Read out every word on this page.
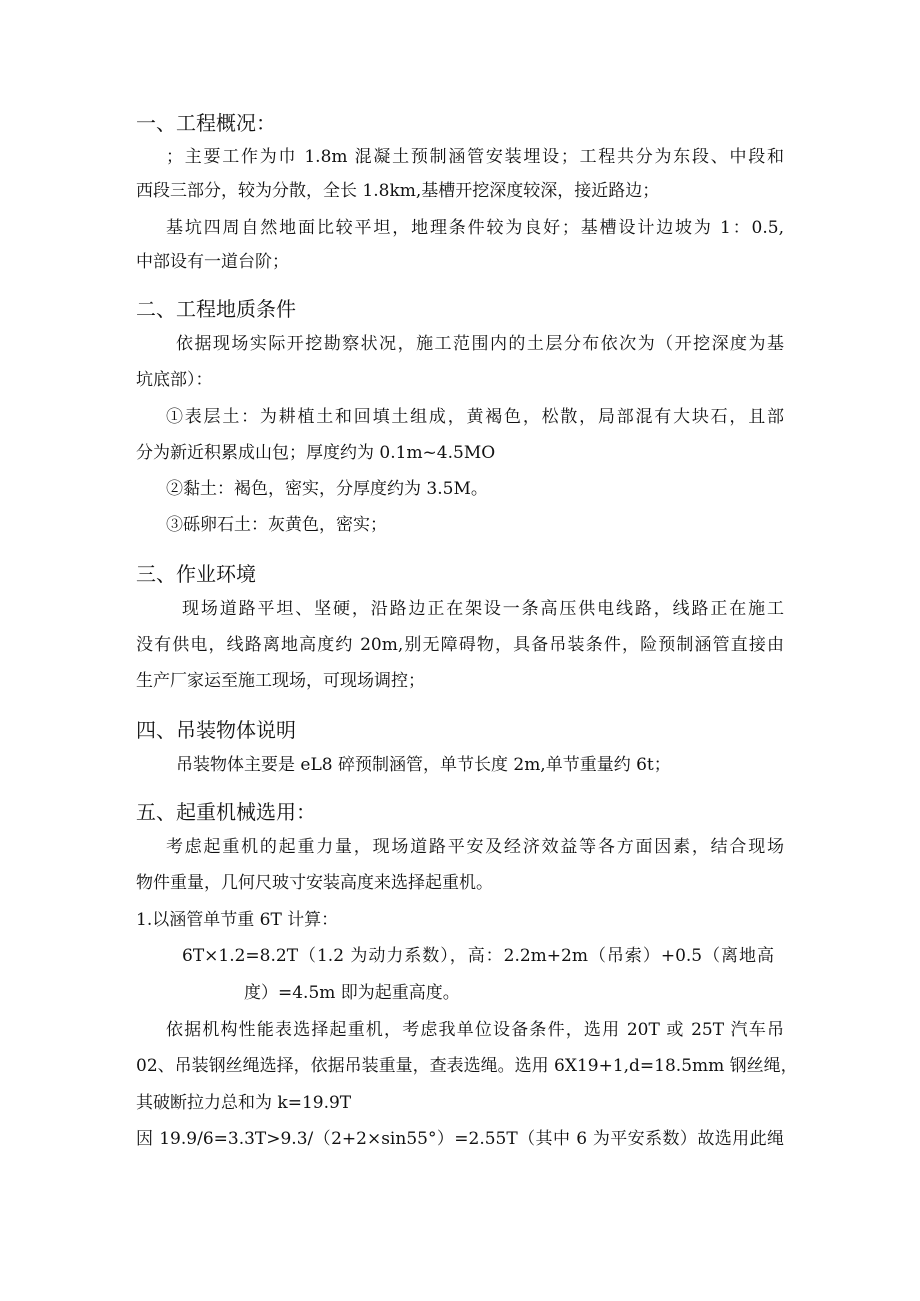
一、工程概况：
；主要工作为巾 1.8m 混凝土预制涵管安装埋设；工程共分为东段、中段和
西段三部分，较为分散，全长 1.8km,基槽开挖深度较深，接近路边；
基坑四周自然地面比较平坦，地理条件较为良好；基槽设计边坡为 1：0.5,
中部设有一道台阶；
二、工程地质条件
依据现场实际开挖勘察状况，施工范围内的土层分布依次为（开挖深度为基
坑底部）：
①表层土：为耕植土和回填土组成，黄褐色，松散，局部混有大块石，且部
分为新近积累成山包；厚度约为 0.1m~4.5MO
②黏土：褐色，密实，分厚度约为 3.5M。
③砾卵石土：灰黄色，密实；
三、作业环境
现场道路平坦、坚硬，沿路边正在架设一条高压供电线路，线路正在施工
没有供电，线路离地高度约 20m,别无障碍物，具备吊装条件，险预制涵管直接由
生产厂家运至施工现场，可现场调控；
四、吊装物体说明
吊装物体主要是 eL8 碎预制涵管，单节长度 2m,单节重量约 6t；
五、起重机械选用：
考虑起重机的起重力量，现场道路平安及经济效益等各方面因素，结合现场
物件重量，几何尺玻寸安装高度来选择起重机。
1.以涵管单节重 6T 计算：
6T×1.2=8.2T（1.2 为动力系数），高：2.2m+2m（吊索）+0.5（离地高
度）=4.5m 即为起重高度。
依据机构性能表选择起重机，考虑我单位设备条件，选用 20T 或 25T 汽车吊
02、吊装钢丝绳选择，依据吊装重量，查表选绳。选用 6X19+1,d=18.5mm 钢丝绳，
其破断拉力总和为 k=19.9T
因 19.9/6=3.3T>9.3/（2+2×sin55°）=2.55T（其中 6 为平安系数）故选用此绳
